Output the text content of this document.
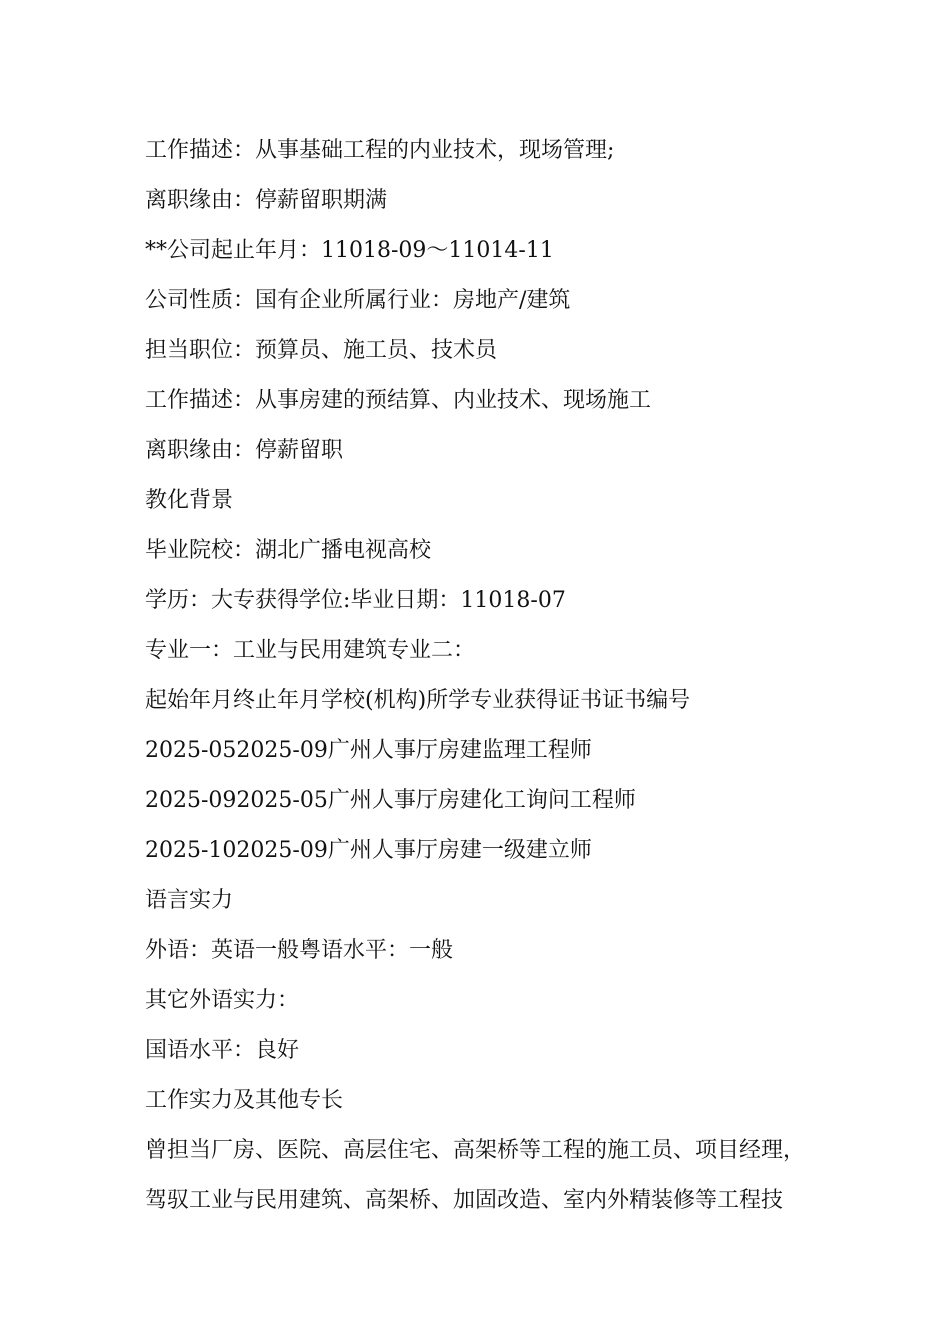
工作描述：从事基础工程的内业技术，现场管理;
离职缘由：停薪留职期满
**公司起止年月：11018-09～11014-11
公司性质：国有企业所属行业：房地产/建筑
担当职位：预算员、施工员、技术员
工作描述：从事房建的预结算、内业技术、现场施工
离职缘由：停薪留职
教化背景
毕业院校：湖北广播电视高校
学历：大专获得学位:毕业日期：11018-07
专业一：工业与民用建筑专业二：
起始年月终止年月学校(机构)所学专业获得证书证书编号
2025-052025-09广州人事厅房建监理工程师
2025-092025-05广州人事厅房建化工询问工程师
2025-102025-09广州人事厅房建一级建立师
语言实力
外语：英语一般粤语水平：一般
其它外语实力：
国语水平：良好
工作实力及其他专长
曾担当厂房、医院、高层住宅、高架桥等工程的施工员、项目经理，
驾驭工业与民用建筑、高架桥、加固改造、室内外精装修等工程技
